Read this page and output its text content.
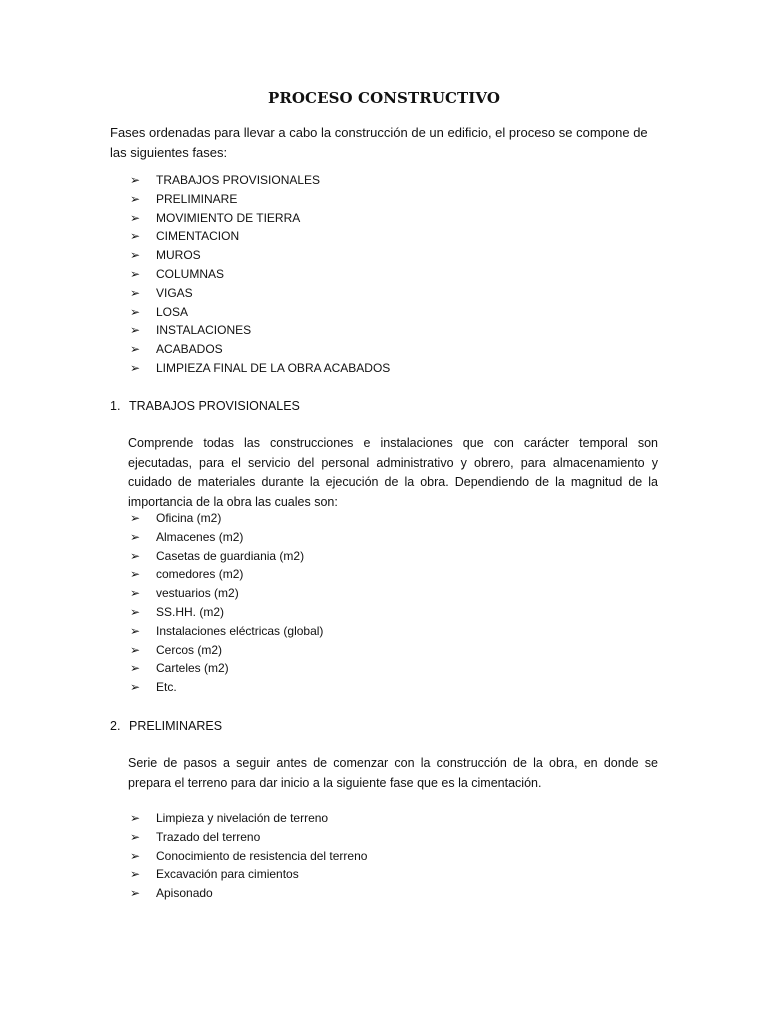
PROCESO CONSTRUCTIVO
Fases ordenadas para llevar a cabo la construcción de un edificio, el proceso se compone de las siguientes fases:
➢ TRABAJOS PROVISIONALES
➢ PRELIMINARE
➢ MOVIMIENTO DE TIERRA
➢ CIMENTACION
➢ MUROS
➢ COLUMNAS
➢ VIGAS
➢ LOSA
➢ INSTALACIONES
➢ ACABADOS
➢ LIMPIEZA FINAL DE LA OBRA ACABADOS
1. TRABAJOS PROVISIONALES
Comprende todas las construcciones e instalaciones que con carácter temporal son ejecutadas, para el servicio del personal administrativo y obrero, para almacenamiento y cuidado de materiales durante la ejecución de la obra. Dependiendo de la magnitud de la importancia de la obra las cuales son:
➢ Oficina (m2)
➢ Almacenes (m2)
➢ Casetas de guardiania (m2)
➢ comedores (m2)
➢ vestuarios (m2)
➢ SS.HH. (m2)
➢ Instalaciones eléctricas (global)
➢ Cercos (m2)
➢ Carteles (m2)
➢ Etc.
2. PRELIMINARES
Serie de pasos a seguir antes de comenzar con la construcción de la obra, en donde se prepara el terreno para dar inicio a la siguiente fase que es la cimentación.
➢ Limpieza y nivelación de terreno
➢ Trazado del terreno
➢ Conocimiento de resistencia del terreno
➢ Excavación para cimientos
➢ Apisonado
